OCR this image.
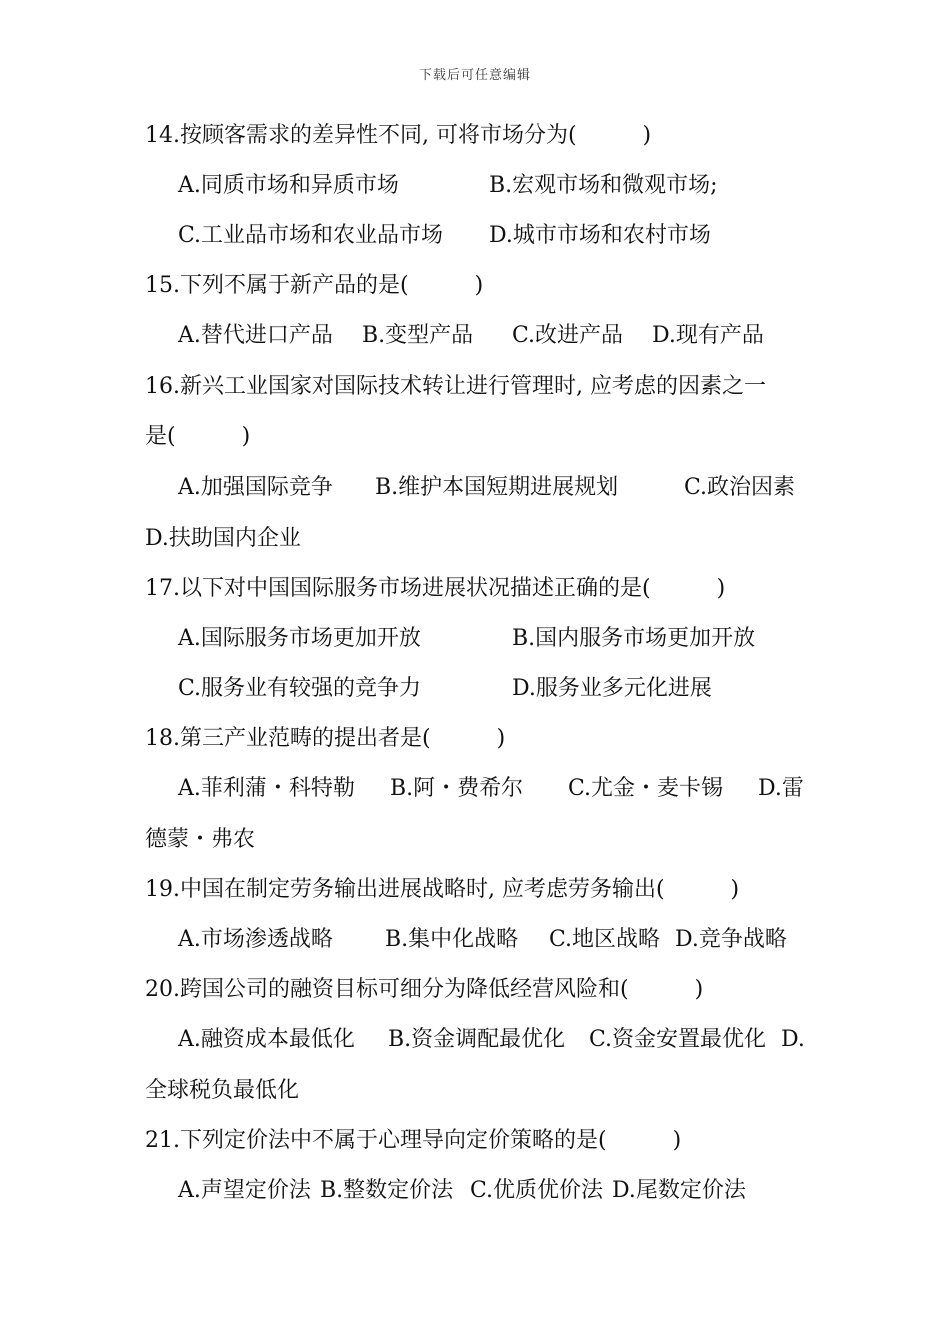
下载后可任意编辑
14.按顾客需求的差异性不同, 可将市场分为(　　　)
A.同质市场和异质市场	B.宏观市场和微观市场;
C.工业品市场和农业品市场 D.城市市场和农村市场
15.下列不属于新产品的是(　　　)
A.替代进口产品 B.变型产品 C.改进产品 D.现有产品
16.新兴工业国家对国际技术转让进行管理时, 应考虑的因素之一
是(　　　)
A.加强国际竞争 B.维护本国短期进展规划	C.政治因素
D.扶助国内企业
17.以下对中国国际服务市场进展状况描述正确的是(　　　)
A.国际服务市场更加开放	B.国内服务市场更加开放
C.服务业有较强的竞争力	D.服务业多元化进展
18.第三产业范畴的提出者是(　　　)
A.菲利蒲・科特勒 B.阿・费希尔 C.尤金・麦卡锡 D.雷
德蒙・弗农
19.中国在制定劳务输出进展战略时, 应考虑劳务输出(　　　)
A.市场渗透战略 B.集中化战略 C.地区战略 D.竞争战略
20.跨国公司的融资目标可细分为降低经营风险和(　　　)
A.融资成本最低化 B.资金调配最优化 C.资金安置最优化 D.
全球税负最低化
21.下列定价法中不属于心理导向定价策略的是(　　　)
A.声望定价法 B.整数定价法 C.优质优价法 D.尾数定价法
